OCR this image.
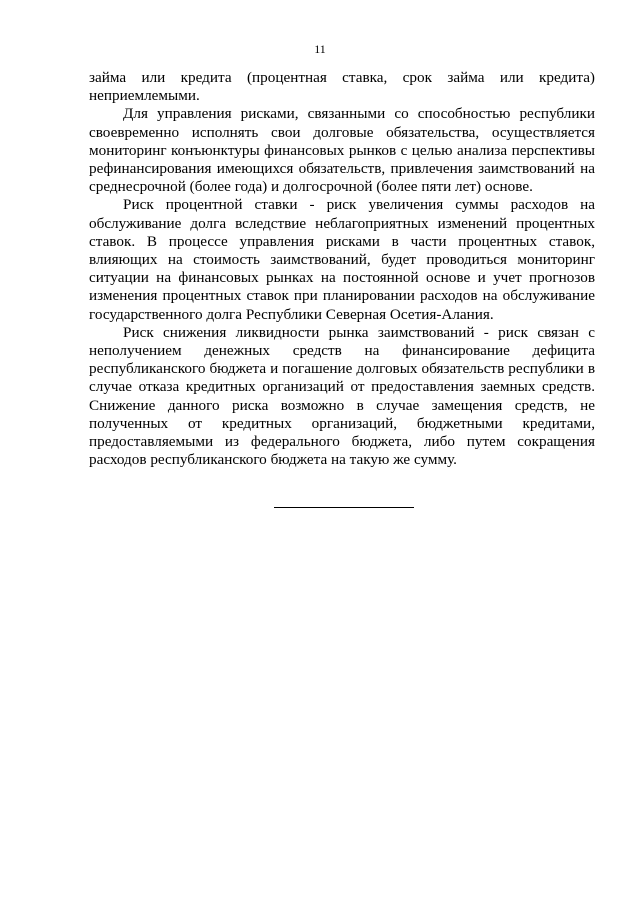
11

займа или кредита (процентная ставка, срок займа или кредита) неприемлемыми.

Для управления рисками, связанными со способностью республики своевременно исполнять свои долговые обязательства, осуществляется мониторинг конъюнктуры финансовых рынков с целью анализа перспективы рефинансирования имеющихся обязательств, привлечения заимствований на среднесрочной (более года) и долгосрочной (более пяти лет) основе.

Риск процентной ставки - риск увеличения суммы расходов на обслуживание долга вследствие неблагоприятных изменений процентных ставок. В процессе управления рисками в части процентных ставок, влияющих на стоимость заимствований, будет проводиться мониторинг ситуации на финансовых рынках на постоянной основе и учет прогнозов изменения процентных ставок при планировании расходов на обслуживание государственного долга Республики Северная Осетия-Алания.

Риск снижения ликвидности рынка заимствований - риск связан с неполучением денежных средств на финансирование дефицита республиканского бюджета и погашение долговых обязательств республики в случае отказа кредитных организаций от предоставления заемных средств. Снижение данного риска возможно в случае замещения средств, не полученных от кредитных организаций, бюджетными кредитами, предоставляемыми из федерального бюджета, либо путем сокращения расходов республиканского бюджета на такую же сумму.
